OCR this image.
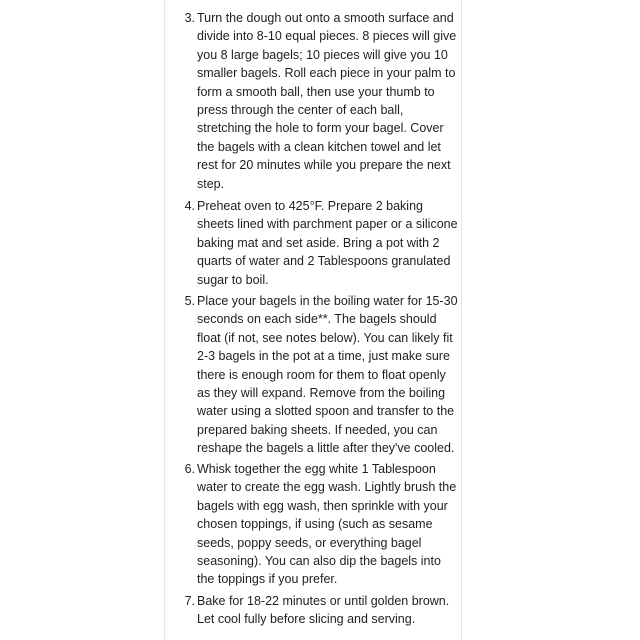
3. Turn the dough out onto a smooth surface and divide into 8-10 equal pieces. 8 pieces will give you 8 large bagels; 10 pieces will give you 10 smaller bagels. Roll each piece in your palm to form a smooth ball, then use your thumb to press through the center of each ball, stretching the hole to form your bagel. Cover the bagels with a clean kitchen towel and let rest for 20 minutes while you prepare the next step.
4. Preheat oven to 425°F. Prepare 2 baking sheets lined with parchment paper or a silicone baking mat and set aside. Bring a pot with 2 quarts of water and 2 Tablespoons granulated sugar to boil.
5. Place your bagels in the boiling water for 15-30 seconds on each side**. The bagels should float (if not, see notes below). You can likely fit 2-3 bagels in the pot at a time, just make sure there is enough room for them to float openly as they will expand. Remove from the boiling water using a slotted spoon and transfer to the prepared baking sheets. If needed, you can reshape the bagels a little after they've cooled.
6. Whisk together the egg white 1 Tablespoon water to create the egg wash. Lightly brush the bagels with egg wash, then sprinkle with your chosen toppings, if using (such as sesame seeds, poppy seeds, or everything bagel seasoning). You can also dip the bagels into the toppings if you prefer.
7. Bake for 18-22 minutes or until golden brown. Let cool fully before slicing and serving.
